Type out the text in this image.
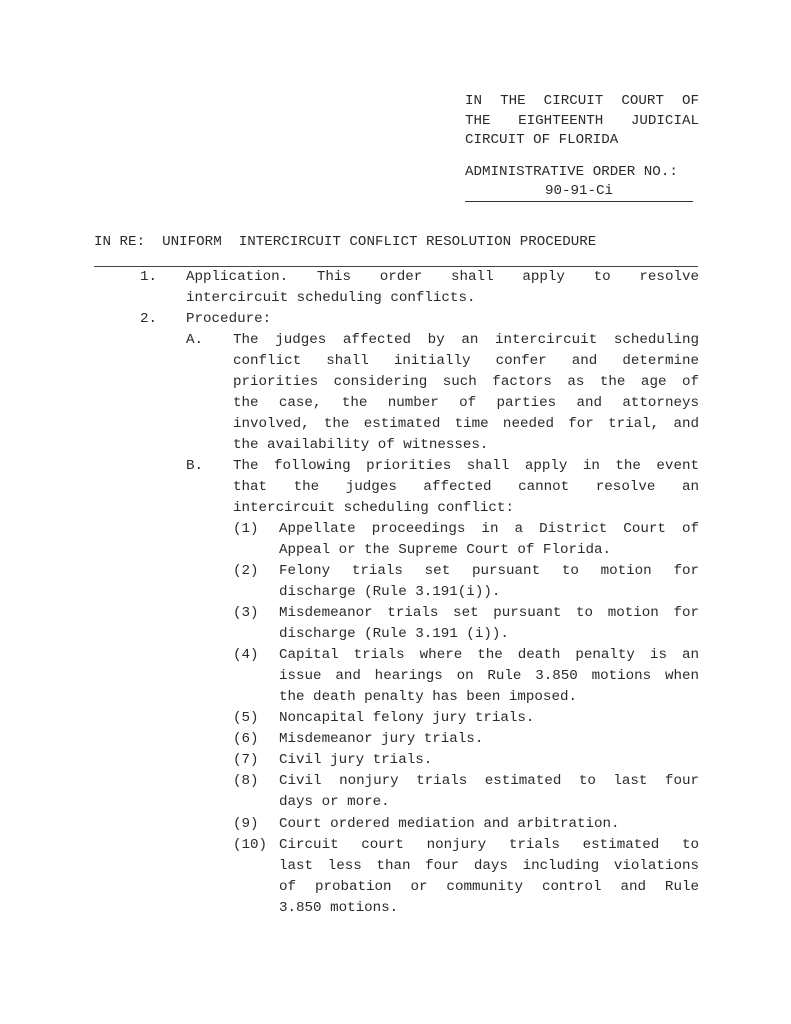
IN THE CIRCUIT COURT OF
THE EIGHTEENTH JUDICIAL
CIRCUIT OF FLORIDA
ADMINISTRATIVE ORDER NO.:
90-91-Ci
IN RE:  UNIFORM  INTERCIRCUIT CONFLICT RESOLUTION PROCEDURE
1. Application. This order shall apply to resolve
intercircuit scheduling conflicts.
2. Procedure:
A. The judges affected by an intercircuit scheduling
conflict shall initially confer and determine
priorities considering such factors as the age of
the case, the number of parties and attorneys
involved, the estimated time needed for trial, and
the availability of witnesses.
B. The following priorities shall apply in the event
that the judges affected cannot resolve an
intercircuit scheduling conflict:
(1) Appellate proceedings in a District Court of
Appeal or the Supreme Court of Florida.
(2) Felony trials set pursuant to motion for
discharge (Rule 3.191(i)).
(3) Misdemeanor trials set pursuant to motion for
discharge (Rule 3.191 (i)).
(4) Capital trials where the death penalty is an
issue and hearings on Rule 3.850 motions when
the death penalty has been imposed.
(5) Noncapital felony jury trials.
(6) Misdemeanor jury trials.
(7) Civil jury trials.
(8) Civil nonjury trials estimated to last four
days or more.
(9) Court ordered mediation and arbitration.
(10) Circuit court nonjury trials estimated to
last less than four days including violations
of probation or community control and Rule
3.850 motions.
